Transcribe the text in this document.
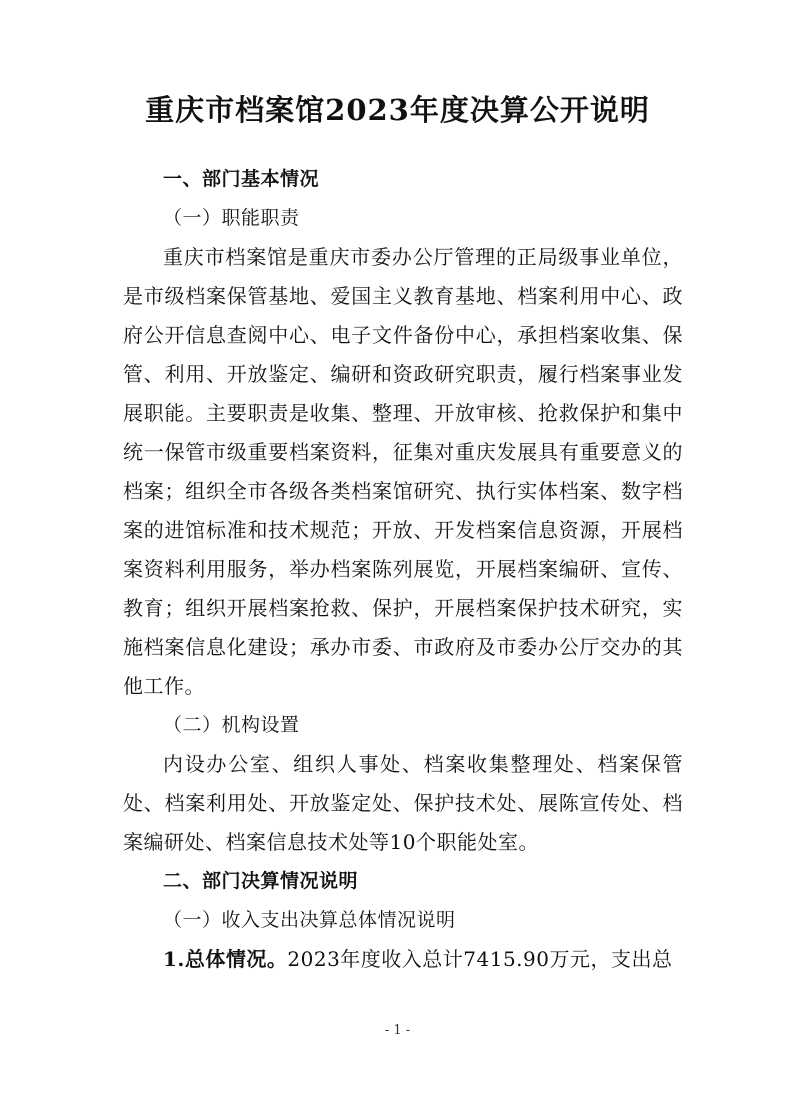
重庆市档案馆2023年度决算公开说明

一、部门基本情况

（一）职能职责

重庆市档案馆是重庆市委办公厅管理的正局级事业单位，是市级档案保管基地、爱国主义教育基地、档案利用中心、政府公开信息查阅中心、电子文件备份中心，承担档案收集、保管、利用、开放鉴定、编研和资政研究职责，履行档案事业发展职能。主要职责是收集、整理、开放审核、抢救保护和集中统一保管市级重要档案资料，征集对重庆发展具有重要意义的档案；组织全市各级各类档案馆研究、执行实体档案、数字档案的进馆标准和技术规范；开放、开发档案信息资源，开展档案资料利用服务，举办档案陈列展览，开展档案编研、宣传、教育；组织开展档案抢救、保护，开展档案保护技术研究，实施档案信息化建设；承办市委、市政府及市委办公厅交办的其他工作。

（二）机构设置

内设办公室、组织人事处、档案收集整理处、档案保管处、档案利用处、开放鉴定处、保护技术处、展陈宣传处、档案编研处、档案信息技术处等10个职能处室。

二、部门决算情况说明

（一）收入支出决算总体情况说明

1.总体情况。2023年度收入总计7415.90万元，支出总

- 1 -
